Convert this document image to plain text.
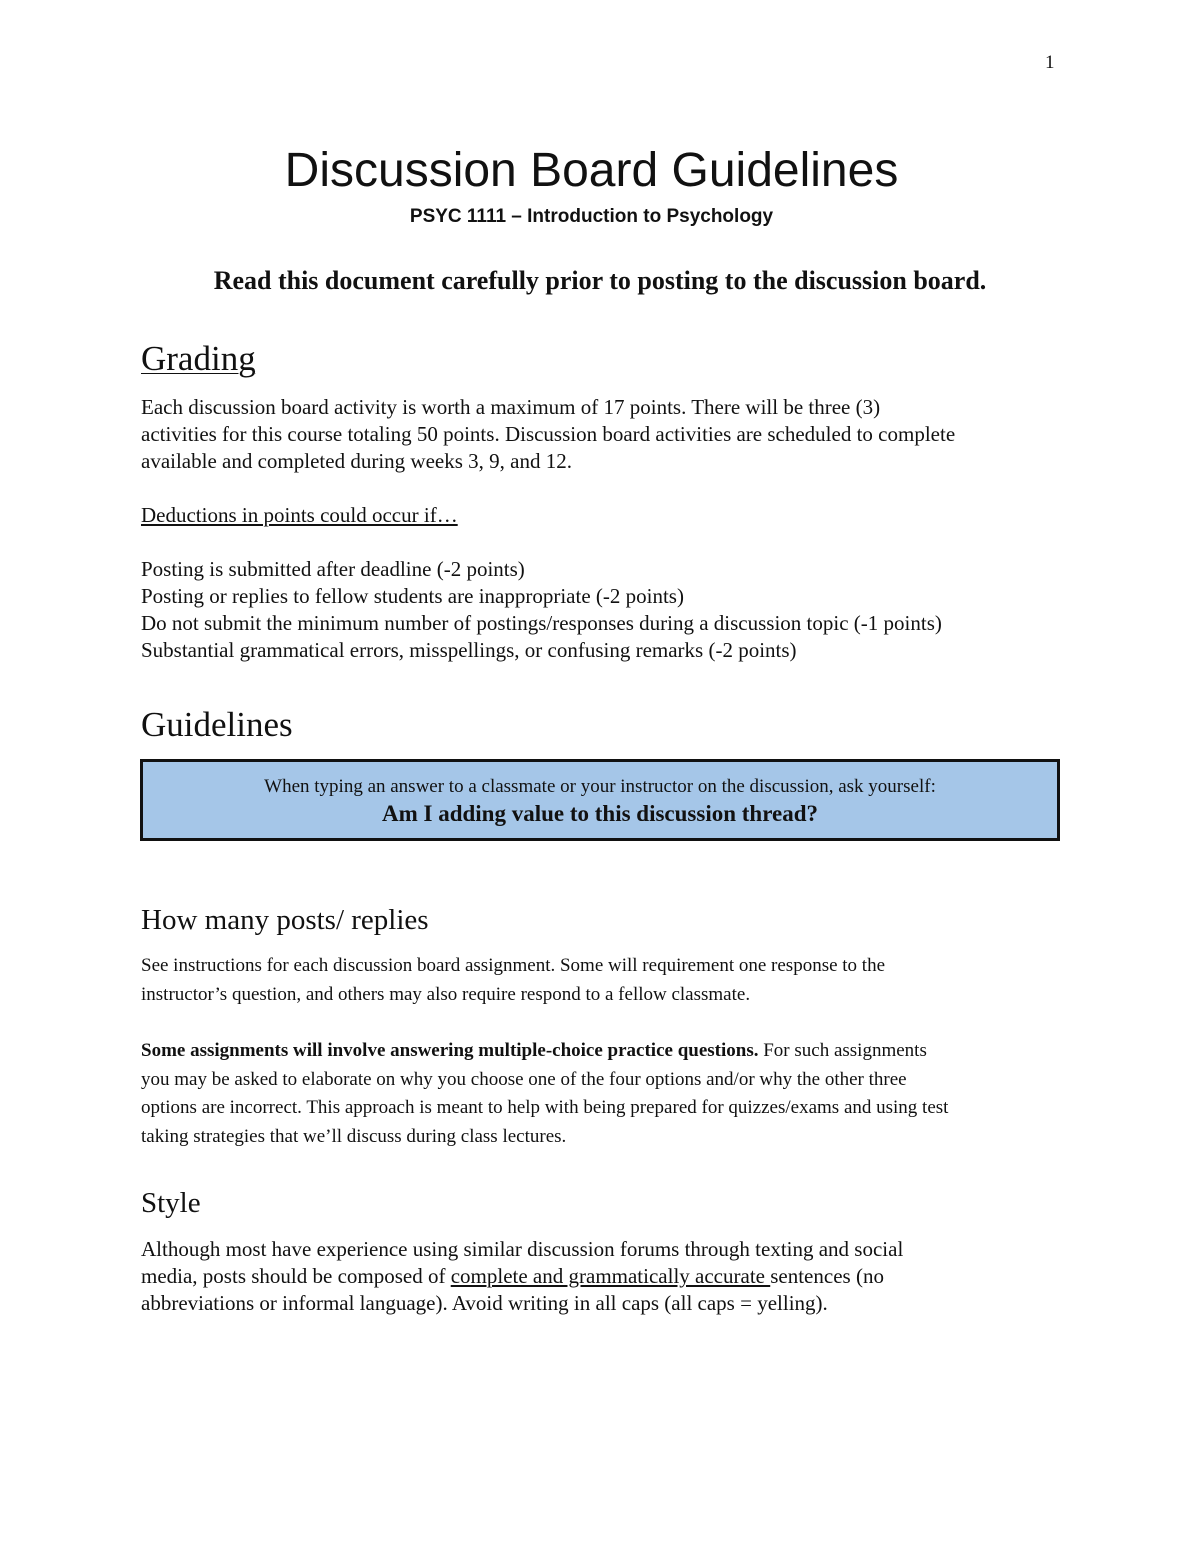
1
Discussion Board Guidelines
PSYC 1111 – Introduction to Psychology
Read this document carefully prior to posting to the discussion board.
Grading

Each discussion board activity is worth a maximum of 17 points. There will be three (3)

activities for this course totaling 50 points. Discussion board activities are scheduled to complete

available and completed during weeks 3, 9, and 12.

Deductions in points could occur if…

Posting is submitted after deadline (-2 points)

Posting or replies to fellow students are inappropriate (-2 points)

Do not submit the minimum number of postings/responses during a discussion topic (-1 points)

Substantial grammatical errors, misspellings, or confusing remarks (-2 points)

Guidelines
When typing an answer to a classmate or your instructor on the discussion, ask yourself:
Am I adding value to this discussion thread?
How many posts/ replies

See instructions for each discussion board assignment. Some will requirement one response to the

instructor’s question, and others may also require respond to a fellow classmate.

Some assignments will involve answering multiple-choice practice questions. For such assignments

you may be asked to elaborate on why you choose one of the four options and/or why the other three

options are incorrect. This approach is meant to help with being prepared for quizzes/exams and using test

taking strategies that we’ll discuss during class lectures.

Style

Although most have experience using similar discussion forums through texting and social

media, posts should be composed of complete and grammatically accurate sentences (no

abbreviations or informal language). Avoid writing in all caps (all caps = yelling).
